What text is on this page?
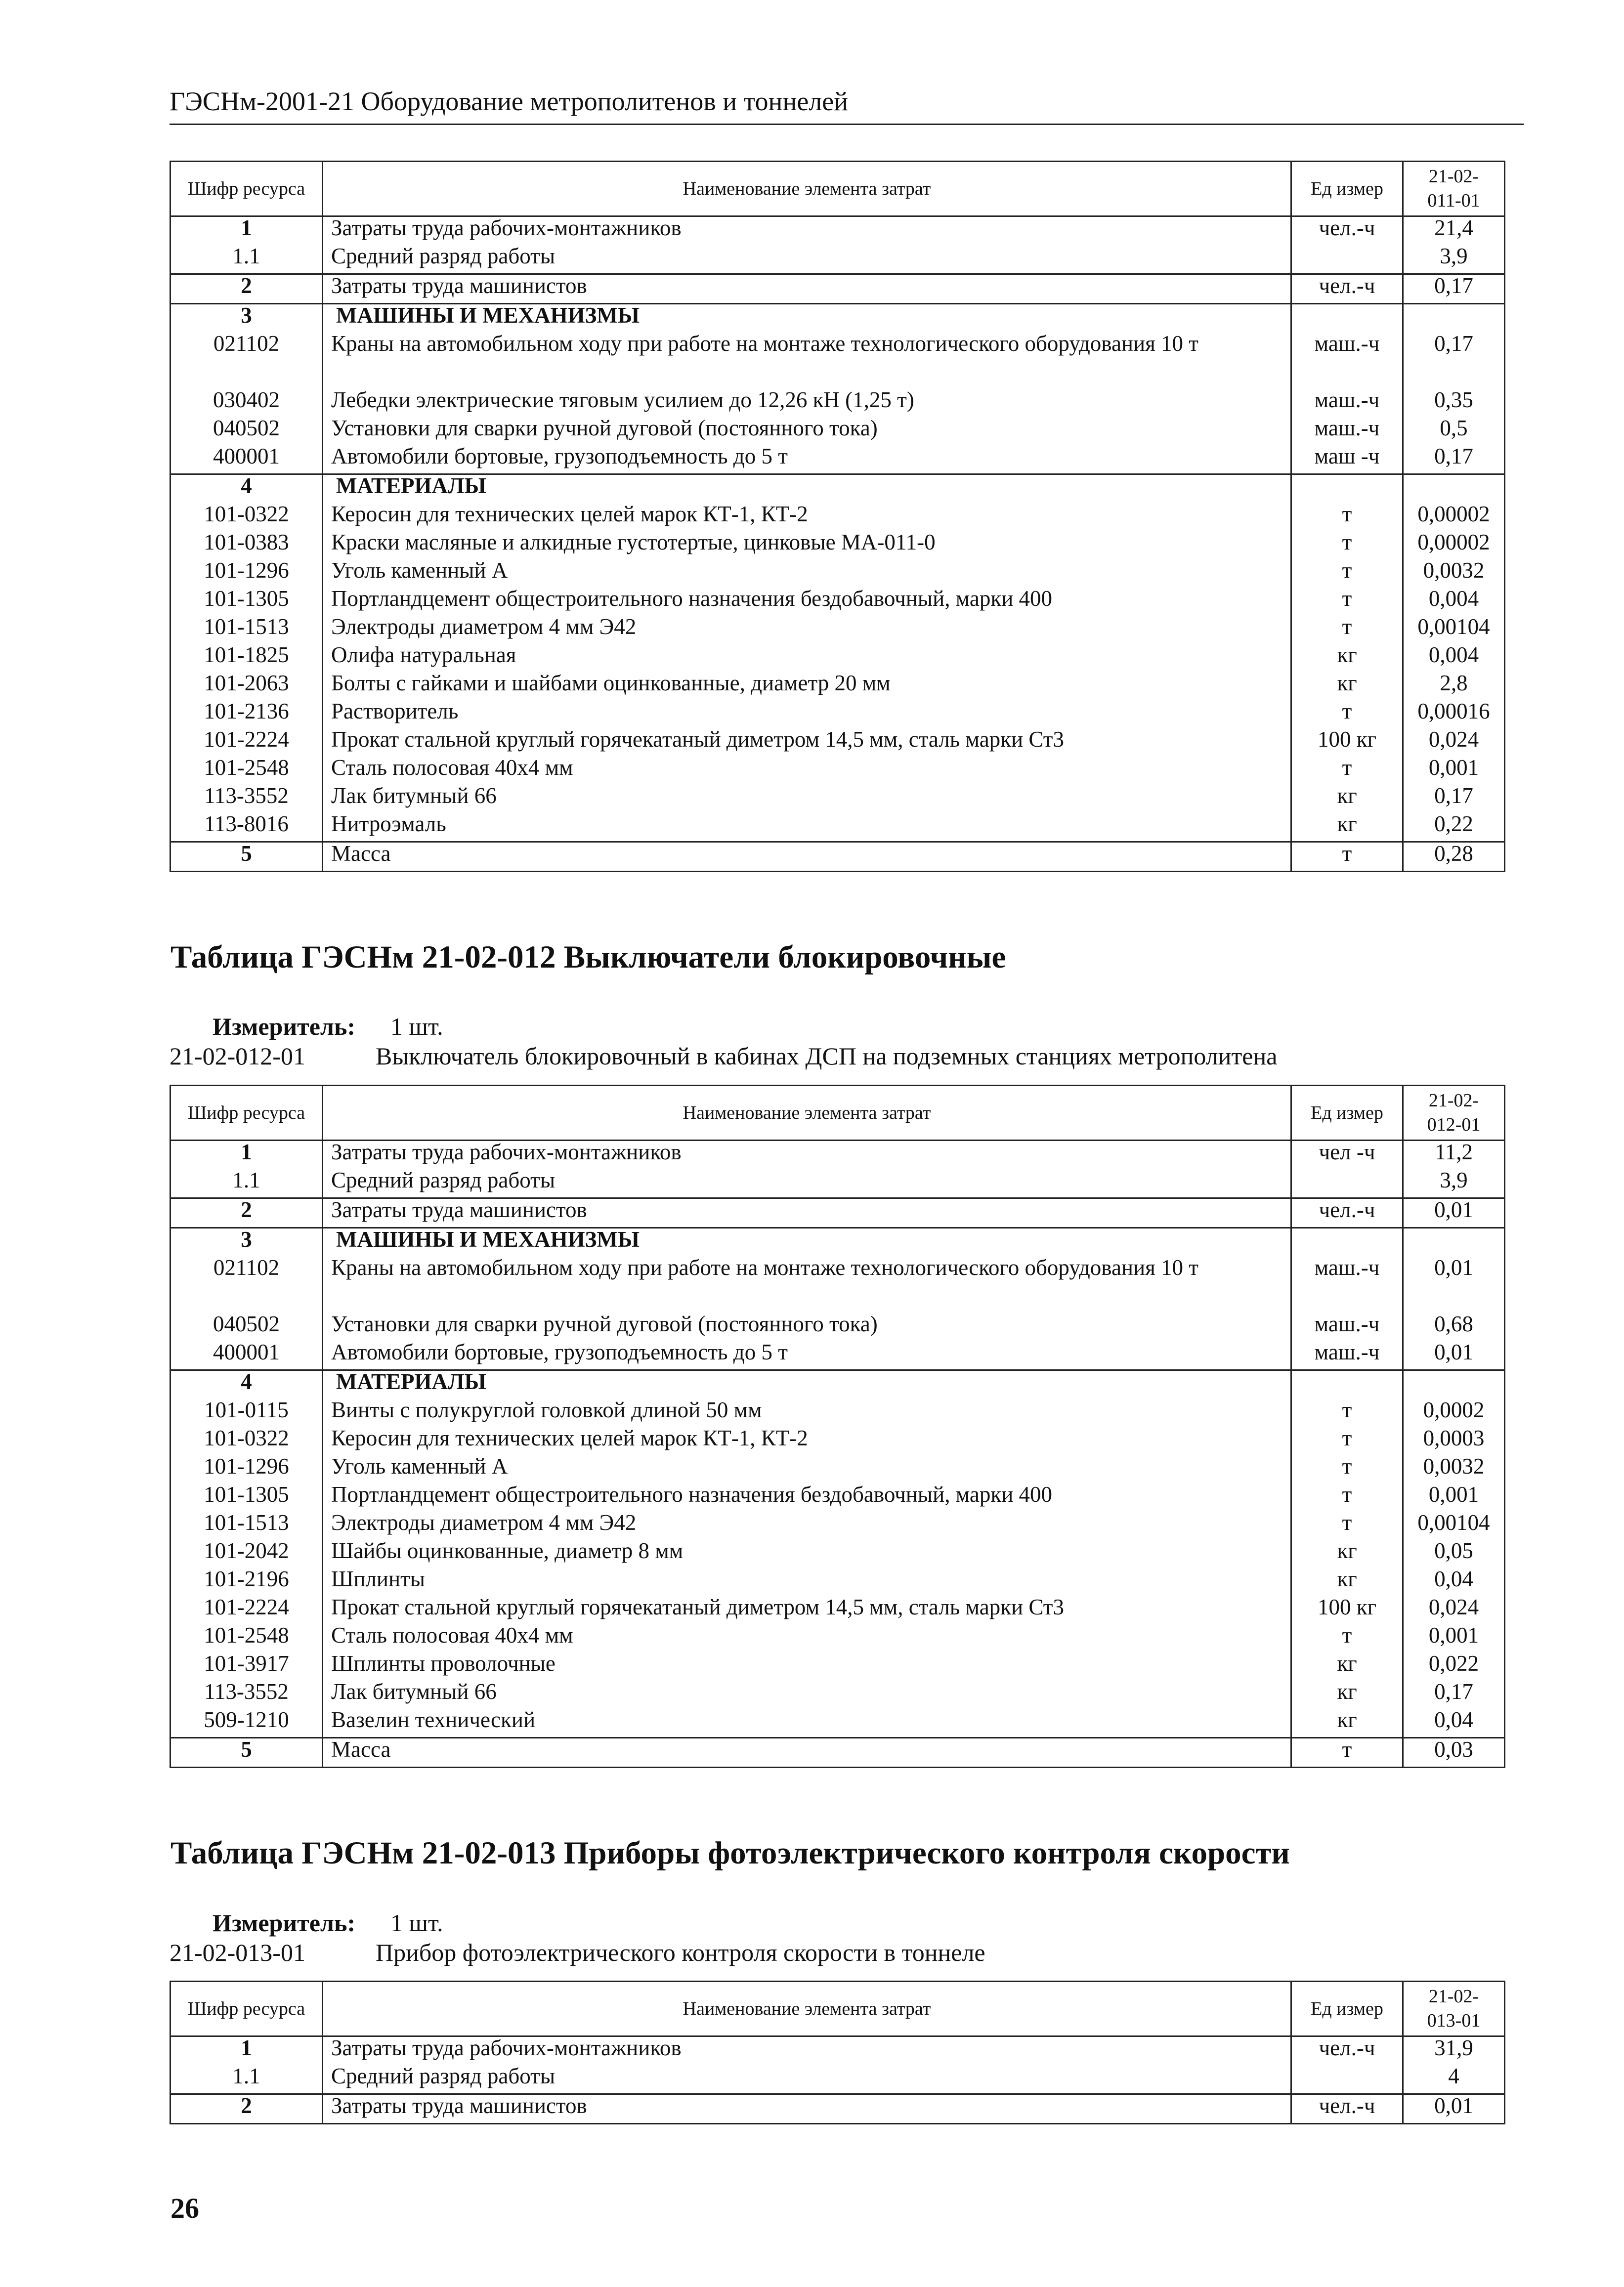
ГЭСНм-2001-21 Оборудование метрополитенов и тоннелей
Шифр ресурса	Наименование элемента затрат	Ед измер	21-02-
011-01
1	Затраты труда рабочих-монтажников	чел.-ч	21,4
1.1	Средний разряд работы		3,9
2	Затраты труда машинистов	чел.-ч	0,17
3	МАШИНЫ И МЕХАНИЗМЫ		
021102	Краны на автомобильном ходу при работе на монтаже технологического оборудования 10 т	маш.-ч	0,17
030402	Лебедки электрические тяговым усилием до 12,26 кН (1,25 т)	маш.-ч	0,35
040502	Установки для сварки ручной дуговой (постоянного тока)	маш.-ч	0,5
400001	Автомобили бортовые, грузоподъемность до 5 т	маш -ч	0,17
4	МАТЕРИАЛЫ		
101-0322	Керосин для технических целей марок КТ-1, КТ-2	т	0,00002
101-0383	Краски масляные и алкидные густотертые, цинковые МА-011-0	т	0,00002
101-1296	Уголь каменный А	т	0,0032
101-1305	Портландцемент общестроительного назначения бездобавочный, марки 400	т	0,004
101-1513	Электроды диаметром 4 мм Э42	т	0,00104
101-1825	Олифа натуральная	кг	0,004
101-2063	Болты с гайками и шайбами оцинкованные, диаметр 20 мм	кг	2,8
101-2136	Растворитель	т	0,00016
101-2224	Прокат стальной круглый горячекатаный диметром 14,5 мм, сталь марки Ст3	100 кг	0,024
101-2548	Сталь полосовая 40х4 мм	т	0,001
113-3552	Лак битумный 66	кг	0,17
113-8016	Нитроэмаль	кг	0,22
5	Масса	т	0,28
Таблица ГЭСНм 21-02-012 Выключатели блокировочные
Измеритель: 1 шт.
21-02-012-01	Выключатель блокировочный в кабинах ДСП на подземных станциях метрополитена
Шифр ресурса	Наименование элемента затрат	Ед измер	21-02-
012-01
1	Затраты труда рабочих-монтажников	чел -ч	11,2
1.1	Средний разряд работы		3,9
2	Затраты труда машинистов	чел.-ч	0,01
3	МАШИНЫ И МЕХАНИЗМЫ		
021102	Краны на автомобильном ходу при работе на монтаже технологического оборудования 10 т	маш.-ч	0,01
040502	Установки для сварки ручной дуговой (постоянного тока)	маш.-ч	0,68
400001	Автомобили бортовые, грузоподъемность до 5 т	маш.-ч	0,01
4	МАТЕРИАЛЫ		
101-0115	Винты с полукруглой головкой длиной 50 мм	т	0,0002
101-0322	Керосин для технических целей марок КТ-1, КТ-2	т	0,0003
101-1296	Уголь каменный А	т	0,0032
101-1305	Портландцемент общестроительного назначения бездобавочный, марки 400	т	0,001
101-1513	Электроды диаметром 4 мм Э42	т	0,00104
101-2042	Шайбы оцинкованные, диаметр 8 мм	кг	0,05
101-2196	Шплинты	кг	0,04
101-2224	Прокат стальной круглый горячекатаный диметром 14,5 мм, сталь марки Ст3	100 кг	0,024
101-2548	Сталь полосовая 40х4 мм	т	0,001
101-3917	Шплинты проволочные	кг	0,022
113-3552	Лак битумный 66	кг	0,17
509-1210	Вазелин технический	кг	0,04
5	Масса	т	0,03
Таблица ГЭСНм 21-02-013 Приборы фотоэлектрического контроля скорости
Измеритель: 1 шт.
21-02-013-01	Прибор фотоэлектрического контроля скорости в тоннеле
Шифр ресурса	Наименование элемента затрат	Ед измер	21-02-
013-01
1	Затраты труда рабочих-монтажников	чел.-ч	31,9
1.1	Средний разряд работы		4
2	Затраты труда машинистов	чел.-ч	0,01
26
